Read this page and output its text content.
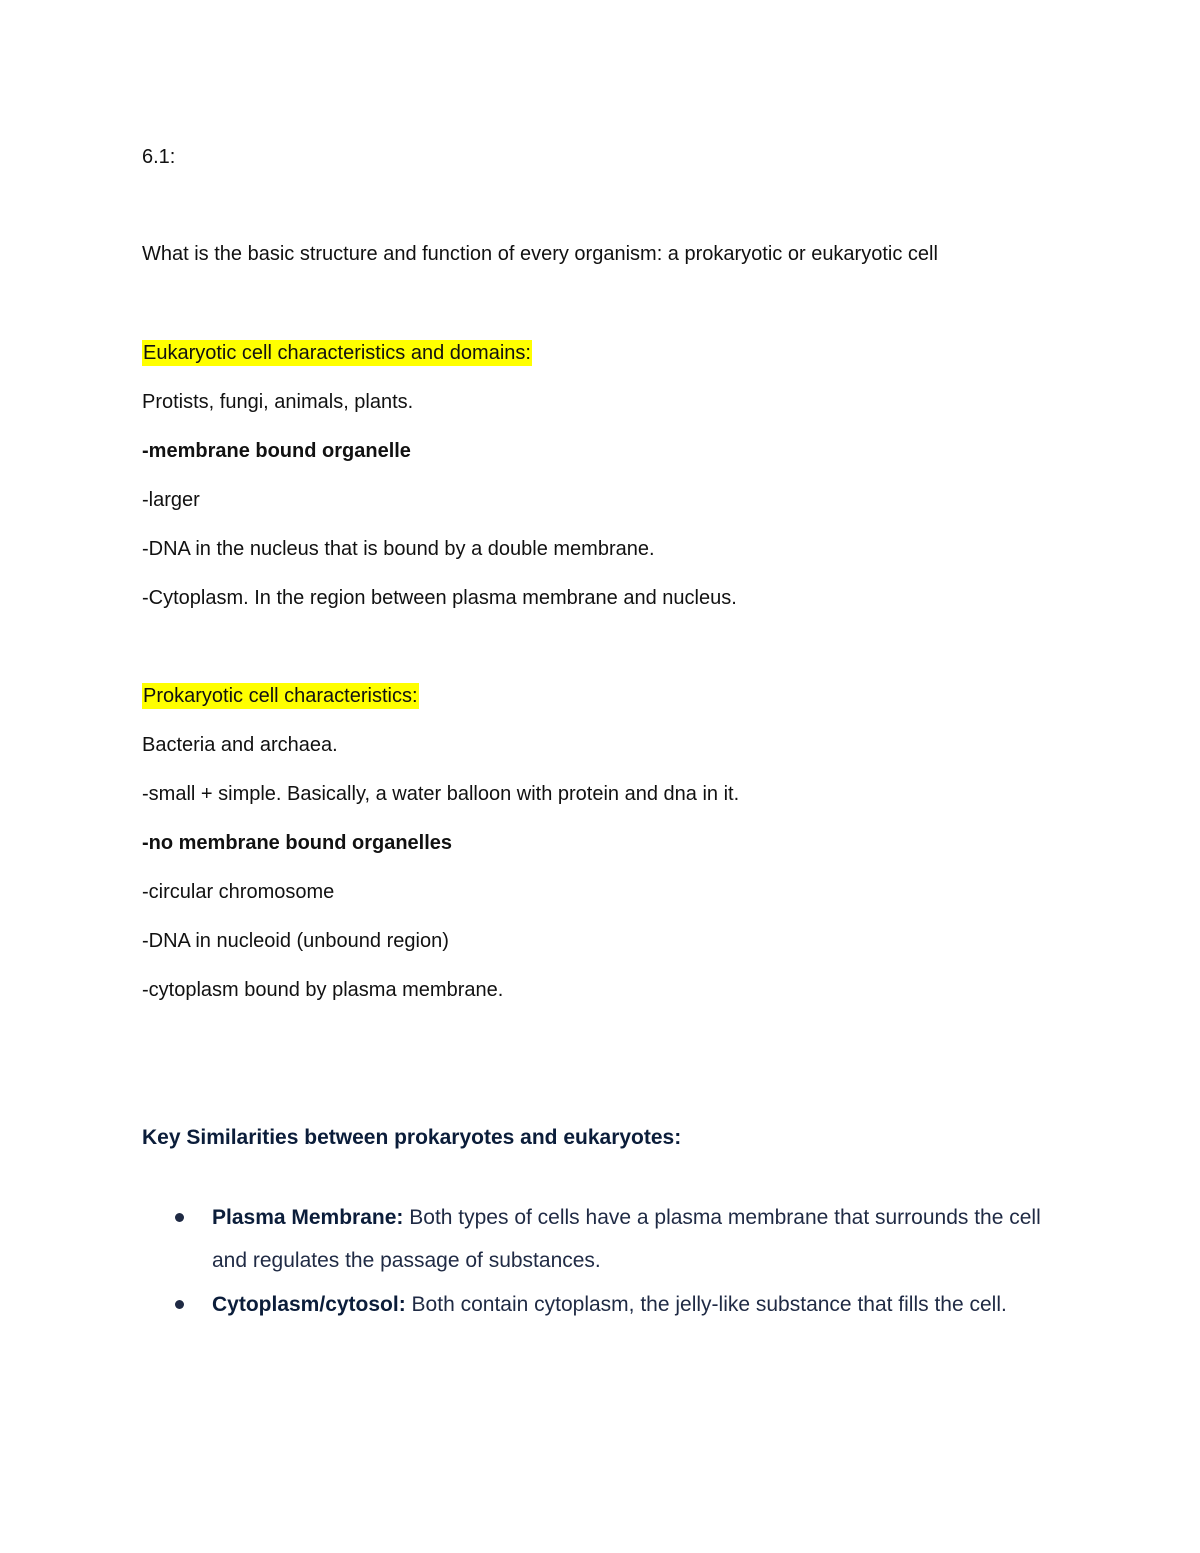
6.1:
What is the basic structure and function of every organism: a prokaryotic or eukaryotic cell
Eukaryotic cell characteristics and domains:
Protists, fungi, animals, plants.
-membrane bound organelle
-larger
-DNA in the nucleus that is bound by a double membrane.
-Cytoplasm. In the region between plasma membrane and nucleus.
Prokaryotic cell characteristics:
Bacteria and archaea.
-small + simple. Basically, a water balloon with protein and dna in it.
-no membrane bound organelles
-circular chromosome
-DNA in nucleoid (unbound region)
-cytoplasm bound by plasma membrane.
Key Similarities between prokaryotes and eukaryotes:
Plasma Membrane: Both types of cells have a plasma membrane that surrounds the cell and regulates the passage of substances.
Cytoplasm/cytosol: Both contain cytoplasm, the jelly-like substance that fills the cell.
